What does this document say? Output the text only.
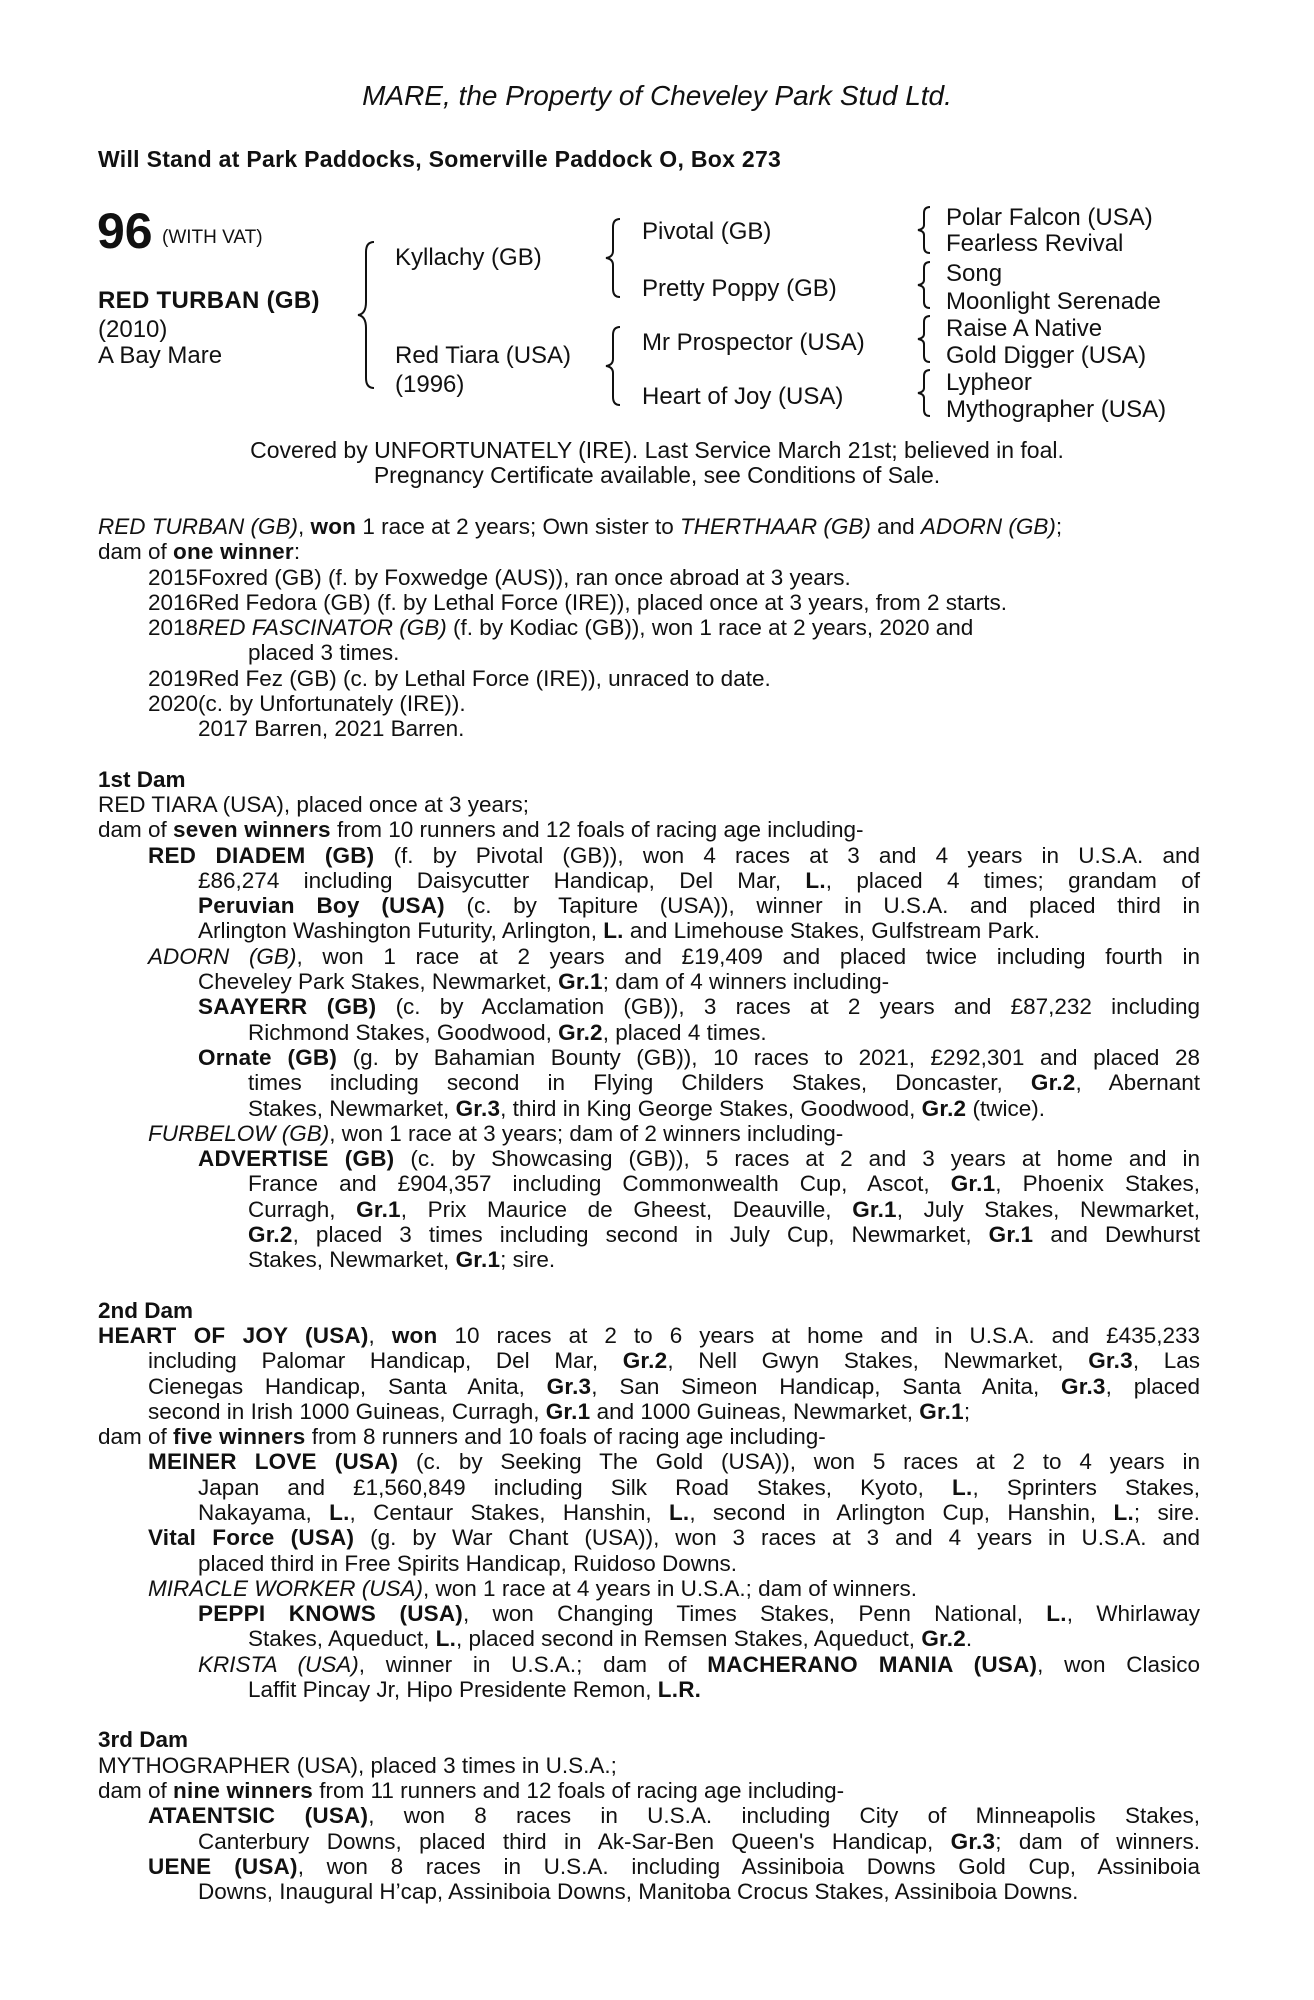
MARE, the Property of Cheveley Park Stud Ltd.
Will Stand at Park Paddocks, Somerville Paddock O, Box 273
96 (WITH VAT)
RED TURBAN (GB)
(2010)
A Bay Mare
Kyllachy (GB)
Red Tiara (USA)
(1996)
Pivotal (GB)
Pretty Poppy (GB)
Mr Prospector (USA)
Heart of Joy (USA)
Polar Falcon (USA)
Fearless Revival
Song
Moonlight Serenade
Raise A Native
Gold Digger (USA)
Lypheor
Mythographer (USA)
Covered by UNFORTUNATELY (IRE). Last Service March 21st; believed in foal.
Pregnancy Certificate available, see Conditions of Sale.
RED TURBAN (GB), won 1 race at 2 years; Own sister to THERTHAAR (GB) and ADORN (GB);
dam of one winner:
2015Foxred (GB) (f. by Foxwedge (AUS)), ran once abroad at 3 years.
2016Red Fedora (GB) (f. by Lethal Force (IRE)), placed once at 3 years, from 2 starts.
2018RED FASCINATOR (GB) (f. by Kodiac (GB)), won 1 race at 2 years, 2020 and
placed 3 times.
2019Red Fez (GB) (c. by Lethal Force (IRE)), unraced to date.
2020(c. by Unfortunately (IRE)).
2017 Barren, 2021 Barren.
1st Dam
RED TIARA (USA), placed once at 3 years;
dam of seven winners from 10 runners and 12 foals of racing age including-
RED DIADEM (GB) (f. by Pivotal (GB)), won 4 races at 3 and 4 years in U.S.A. and
£86,274 including Daisycutter Handicap, Del Mar, L., placed 4 times; grandam of
Peruvian Boy (USA) (c. by Tapiture (USA)), winner in U.S.A. and placed third in
Arlington Washington Futurity, Arlington, L. and Limehouse Stakes, Gulfstream Park.
ADORN (GB), won 1 race at 2 years and £19,409 and placed twice including fourth in
Cheveley Park Stakes, Newmarket, Gr.1; dam of 4 winners including-
SAAYERR (GB) (c. by Acclamation (GB)), 3 races at 2 years and £87,232 including
Richmond Stakes, Goodwood, Gr.2, placed 4 times.
Ornate (GB) (g. by Bahamian Bounty (GB)), 10 races to 2021, £292,301 and placed 28
times including second in Flying Childers Stakes, Doncaster, Gr.2, Abernant
Stakes, Newmarket, Gr.3, third in King George Stakes, Goodwood, Gr.2 (twice).
FURBELOW (GB), won 1 race at 3 years; dam of 2 winners including-
ADVERTISE (GB) (c. by Showcasing (GB)), 5 races at 2 and 3 years at home and in
France and £904,357 including Commonwealth Cup, Ascot, Gr.1, Phoenix Stakes,
Curragh, Gr.1, Prix Maurice de Gheest, Deauville, Gr.1, July Stakes, Newmarket,
Gr.2, placed 3 times including second in July Cup, Newmarket, Gr.1 and Dewhurst
Stakes, Newmarket, Gr.1; sire.
2nd Dam
HEART OF JOY (USA), won 10 races at 2 to 6 years at home and in U.S.A. and £435,233
including Palomar Handicap, Del Mar, Gr.2, Nell Gwyn Stakes, Newmarket, Gr.3, Las
Cienegas Handicap, Santa Anita, Gr.3, San Simeon Handicap, Santa Anita, Gr.3, placed
second in Irish 1000 Guineas, Curragh, Gr.1 and 1000 Guineas, Newmarket, Gr.1;
dam of five winners from 8 runners and 10 foals of racing age including-
MEINER LOVE (USA) (c. by Seeking The Gold (USA)), won 5 races at 2 to 4 years in
Japan and £1,560,849 including Silk Road Stakes, Kyoto, L., Sprinters Stakes,
Nakayama, L., Centaur Stakes, Hanshin, L., second in Arlington Cup, Hanshin, L.; sire.
Vital Force (USA) (g. by War Chant (USA)), won 3 races at 3 and 4 years in U.S.A. and
placed third in Free Spirits Handicap, Ruidoso Downs.
MIRACLE WORKER (USA), won 1 race at 4 years in U.S.A.; dam of winners.
PEPPI KNOWS (USA), won Changing Times Stakes, Penn National, L., Whirlaway
Stakes, Aqueduct, L., placed second in Remsen Stakes, Aqueduct, Gr.2.
KRISTA (USA), winner in U.S.A.; dam of MACHERANO MANIA (USA), won Clasico
Laffit Pincay Jr, Hipo Presidente Remon, L.R.
3rd Dam
MYTHOGRAPHER (USA), placed 3 times in U.S.A.;
dam of nine winners from 11 runners and 12 foals of racing age including-
ATAENTSIC (USA), won 8 races in U.S.A. including City of Minneapolis Stakes,
Canterbury Downs, placed third in Ak-Sar-Ben Queen's Handicap, Gr.3; dam of winners.
UENE (USA), won 8 races in U.S.A. including Assiniboia Downs Gold Cup, Assiniboia
Downs, Inaugural H’cap, Assiniboia Downs, Manitoba Crocus Stakes, Assiniboia Downs.
